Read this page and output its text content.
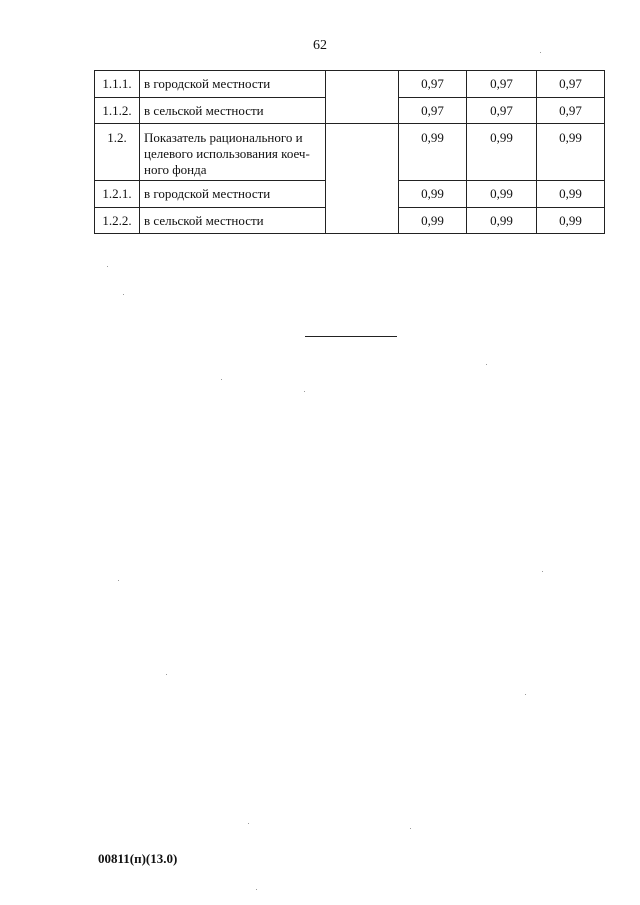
62
1.1.1.	в городской местности		0,97	0,97	0,97
1.1.2.	в сельской местности		0,97	0,97	0,97
1.2.	Показатель рационального и
целевого использования коеч-
ного фонда		0,99	0,99	0,99
1.2.1.	в городской местности		0,99	0,99	0,99
1.2.2.	в сельской местности		0,99	0,99	0,99
00811(п)(13.0)
